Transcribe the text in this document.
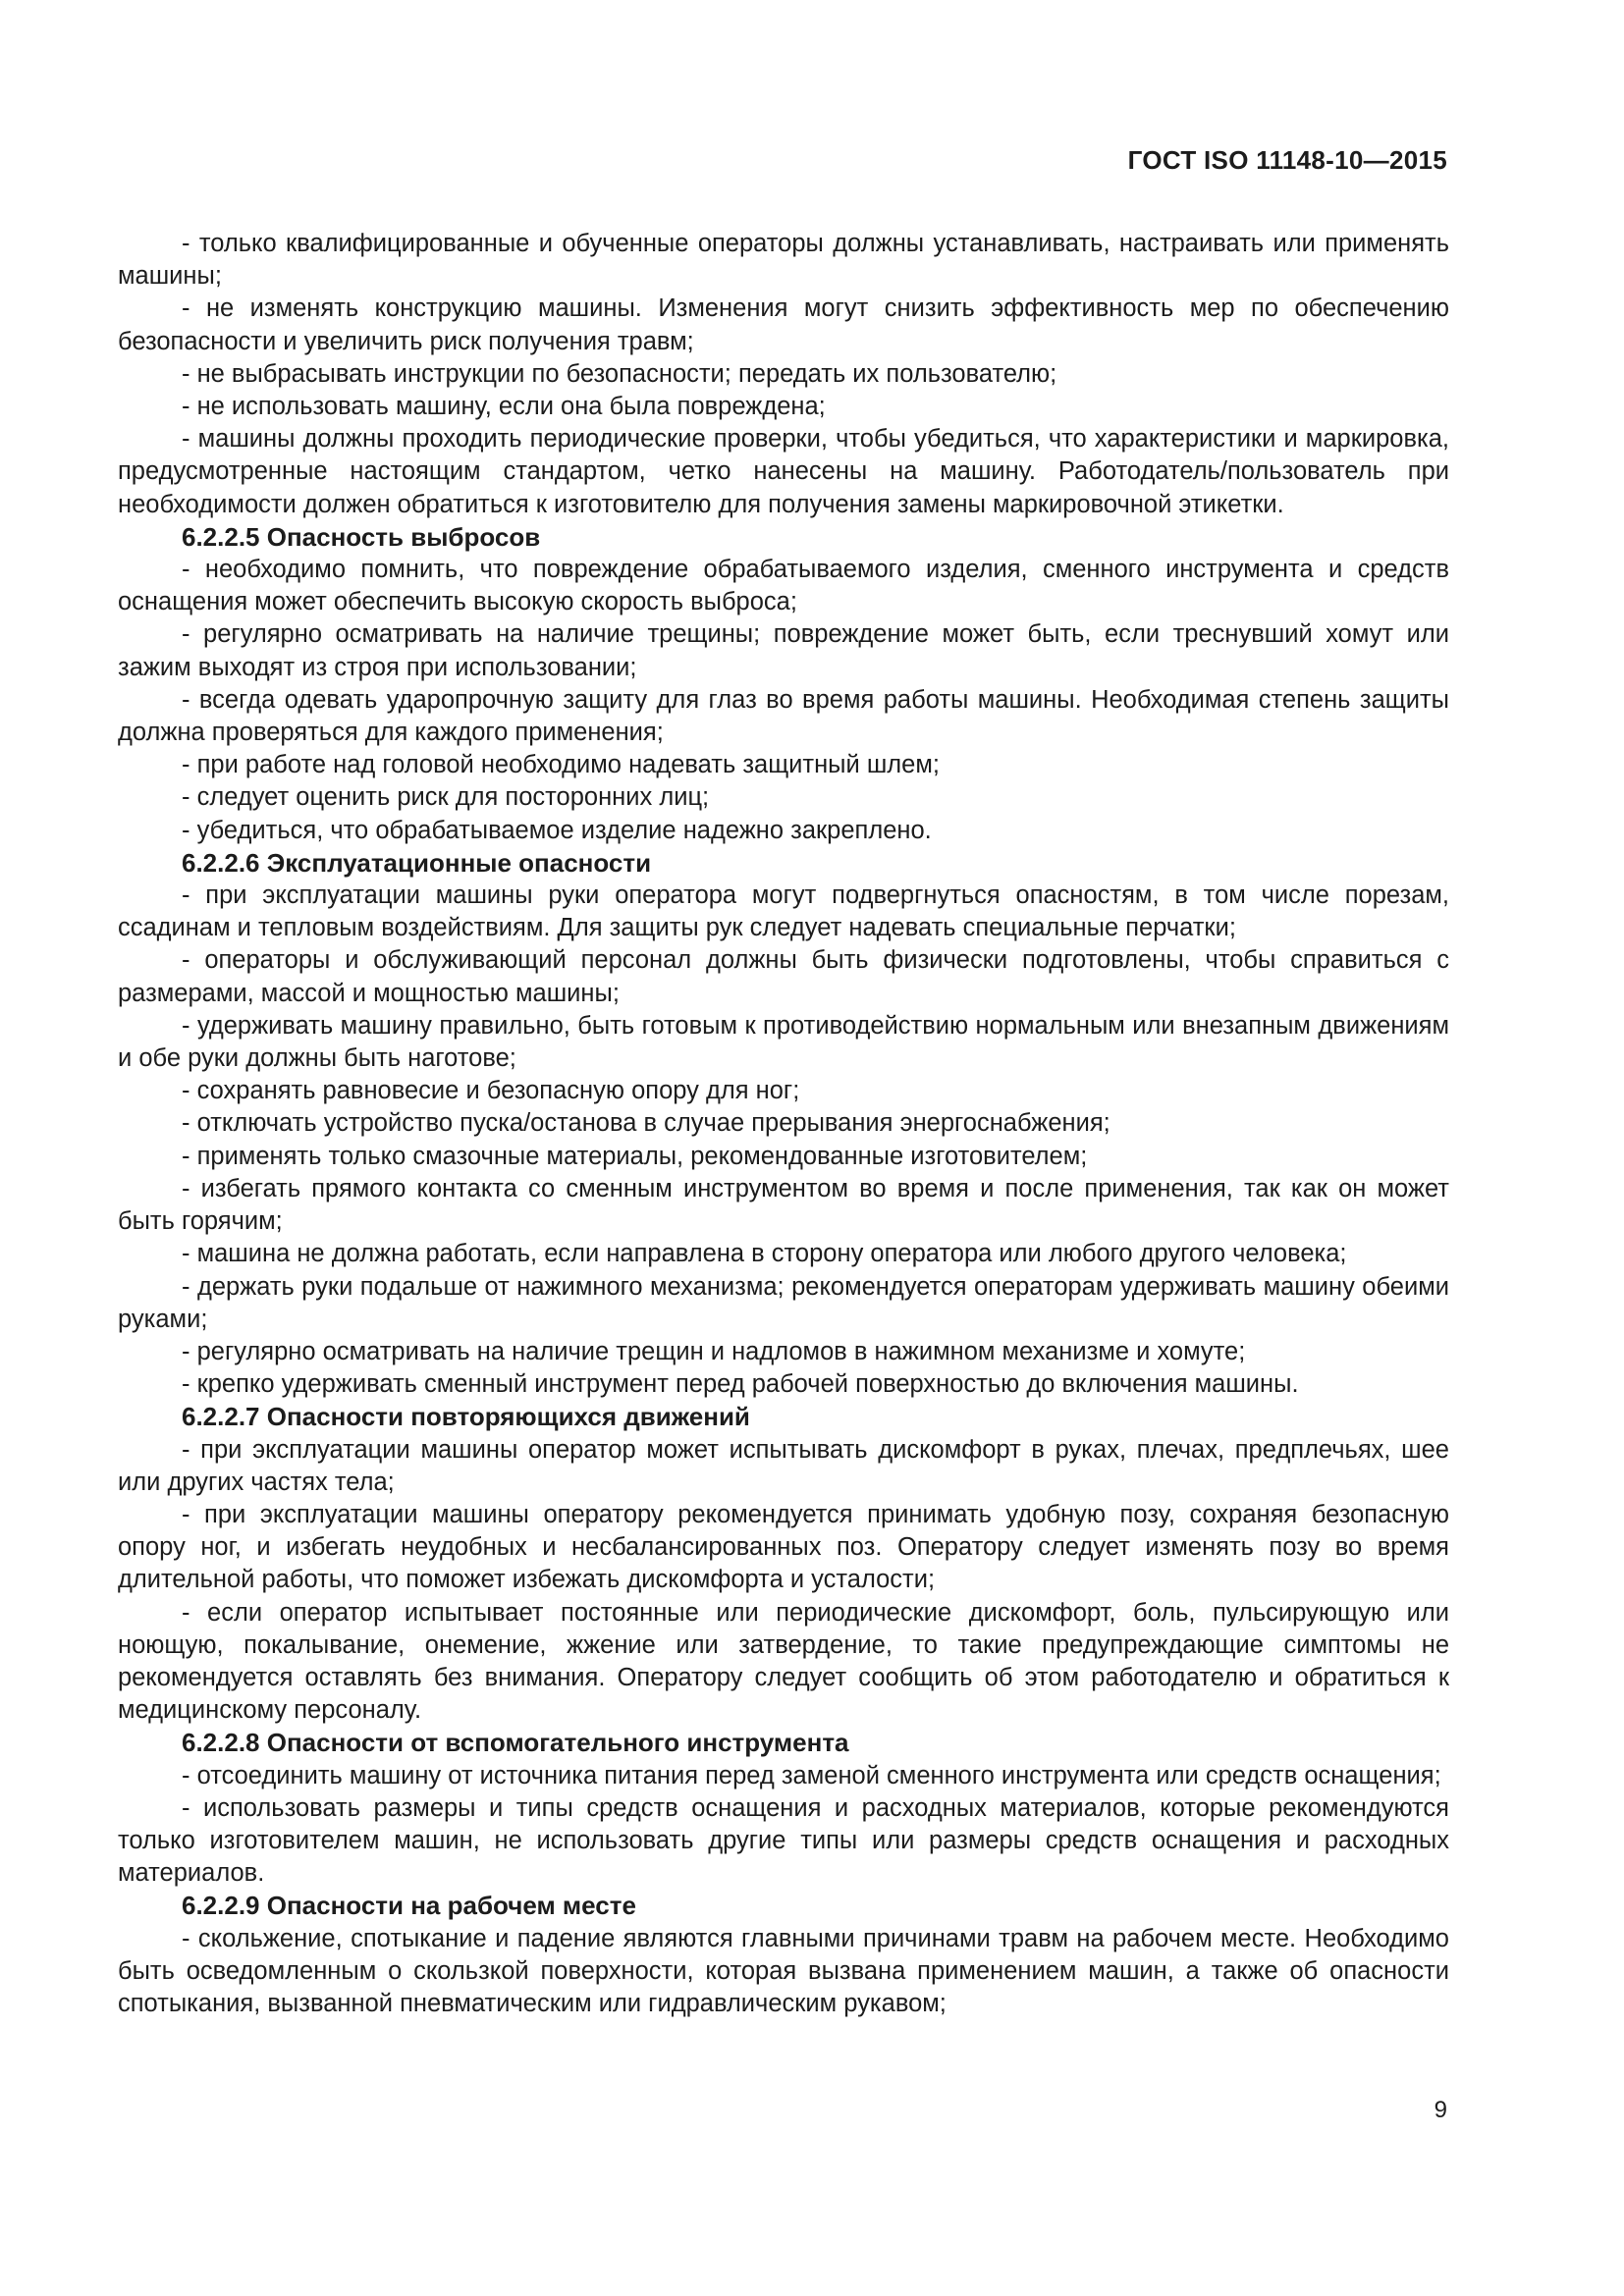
ГОСТ ISO 11148-10—2015

- только квалифицированные и обученные операторы должны устанавливать, настраивать или применять машины;

- не изменять конструкцию машины. Изменения могут снизить эффективность мер по обеспечению безопасности и увеличить риск получения травм;

- не выбрасывать инструкции по безопасности; передать их пользователю;

- не использовать машину, если она была повреждена;

- машины должны проходить периодические проверки, чтобы убедиться, что характеристики и маркировка, предусмотренные настоящим стандартом, четко нанесены на машину. Работодатель/пользователь при необходимости должен обратиться к изготовителю для получения замены маркировочной этикетки.

6.2.2.5 Опасность выбросов

- необходимо помнить, что повреждение обрабатываемого изделия, сменного инструмента и средств оснащения может обеспечить высокую скорость выброса;

- регулярно осматривать на наличие трещины; повреждение может быть, если треснувший хомут или зажим выходят из строя при использовании;

- всегда одевать ударопрочную защиту для глаз во время работы машины. Необходимая степень защиты должна проверяться для каждого применения;

- при работе над головой необходимо надевать защитный шлем;

- следует оценить риск для посторонних лиц;

- убедиться, что обрабатываемое изделие надежно закреплено.

6.2.2.6 Эксплуатационные опасности

- при эксплуатации машины руки оператора могут подвергнуться опасностям, в том числе порезам, ссадинам и тепловым воздействиям. Для защиты рук следует надевать специальные перчатки;

- операторы и обслуживающий персонал должны быть физически подготовлены, чтобы справиться с размерами, массой и мощностью машины;

- удерживать машину правильно, быть готовым к противодействию нормальным или внезапным движениям и обе руки должны быть наготове;

- сохранять равновесие и безопасную опору для ног;

- отключать устройство пуска/останова в случае прерывания энергоснабжения;

- применять только смазочные материалы, рекомендованные изготовителем;

- избегать прямого контакта со сменным инструментом во время и после применения, так как он может быть горячим;

- машина не должна работать, если направлена в сторону оператора или любого другого человека;

- держать руки подальше от нажимного механизма; рекомендуется операторам удерживать машину обеими руками;

- регулярно осматривать на наличие трещин и надломов в нажимном механизме и хомуте;

- крепко удерживать сменный инструмент перед рабочей поверхностью до включения машины.

6.2.2.7 Опасности повторяющихся движений

- при эксплуатации машины оператор может испытывать дискомфорт в руках, плечах, предплечьях, шее или других частях тела;

- при эксплуатации машины оператору рекомендуется принимать удобную позу, сохраняя безопасную опору ног, и избегать неудобных и несбалансированных поз. Оператору следует изменять позу во время длительной работы, что поможет избежать дискомфорта и усталости;

- если оператор испытывает постоянные или периодические дискомфорт, боль, пульсирующую или ноющую, покалывание, онемение, жжение или затвердение, то такие предупреждающие симптомы не рекомендуется оставлять без внимания. Оператору следует сообщить об этом работодателю и обратиться к медицинскому персоналу.

6.2.2.8 Опасности от вспомогательного инструмента

- отсоединить машину от источника питания перед заменой сменного инструмента или средств оснащения;

- использовать размеры и типы средств оснащения и расходных материалов, которые рекомендуются только изготовителем машин, не использовать другие типы или размеры средств оснащения и расходных материалов.

6.2.2.9 Опасности на рабочем месте

- скольжение, спотыкание и падение являются главными причинами травм на рабочем месте. Необходимо быть осведомленным о скользкой поверхности, которая вызвана применением машин, а также об опасности спотыкания, вызванной пневматическим или гидравлическим рукавом;

9
